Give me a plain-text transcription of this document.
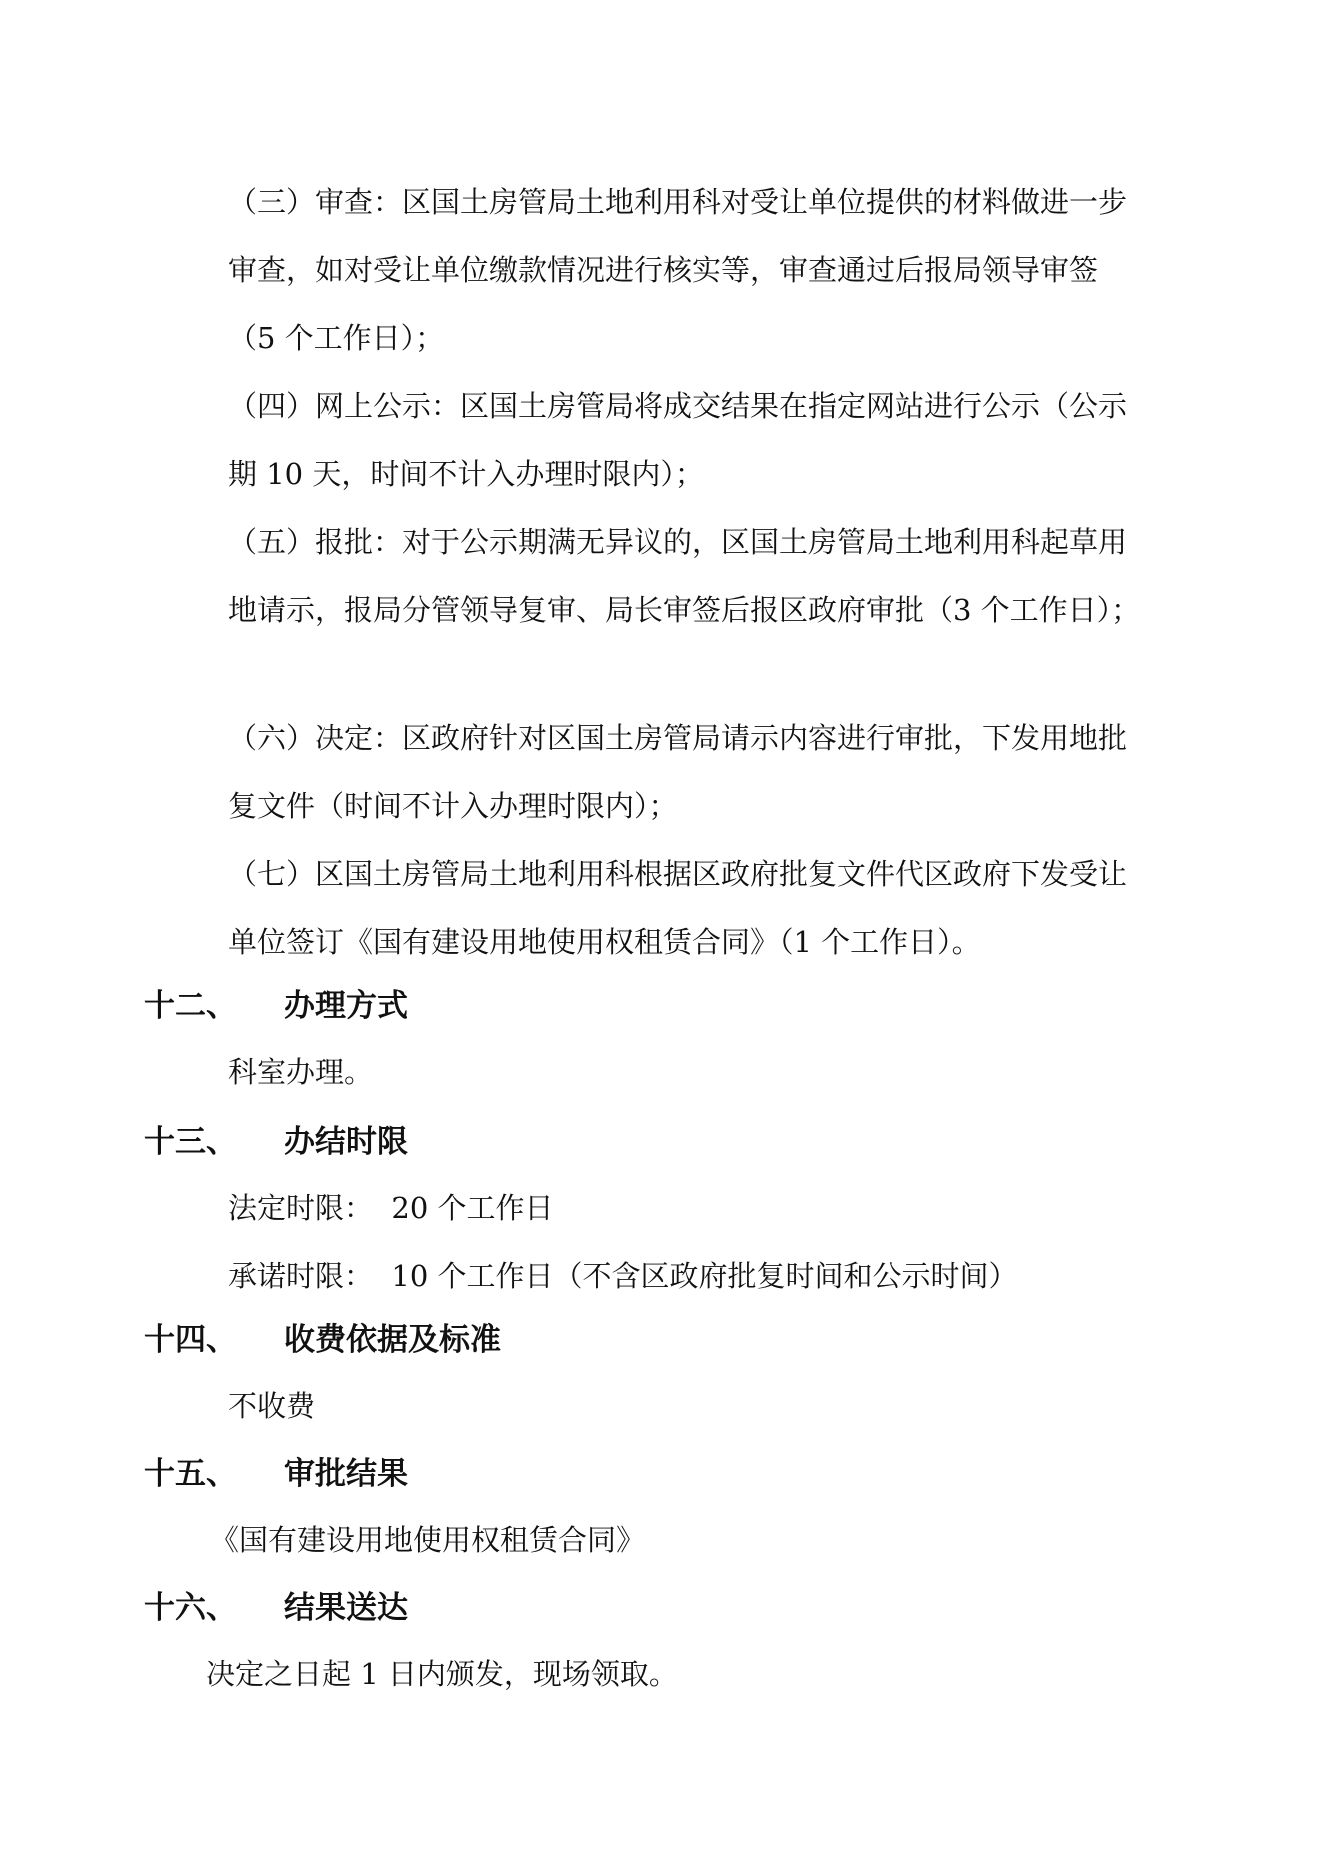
（三）审查：区国土房管局土地利用科对受让单位提供的材料做进一步
审查，如对受让单位缴款情况进行核实等，审查通过后报局领导审签
（5 个工作日）；
（四）网上公示：区国土房管局将成交结果在指定网站进行公示（公示
期 10 天，时间不计入办理时限内）；
（五）报批：对于公示期满无异议的，区国土房管局土地利用科起草用
地请示，报局分管领导复审、局长审签后报区政府审批（3 个工作日）；
（六）决定：区政府针对区国土房管局请示内容进行审批，下发用地批
复文件（时间不计入办理时限内）；
（七）区国土房管局土地利用科根据区政府批复文件代区政府下发受让
单位签订《国有建设用地使用权租赁合同》（1 个工作日）。
十二、 办理方式
科室办理。
十三、 办结时限
法定时限：  20 个工作日
承诺时限：  10 个工作日（不含区政府批复时间和公示时间）
十四、 收费依据及标准
不收费
十五、 审批结果
《国有建设用地使用权租赁合同》
十六、 结果送达
决定之日起 1 日内颁发，现场领取。
